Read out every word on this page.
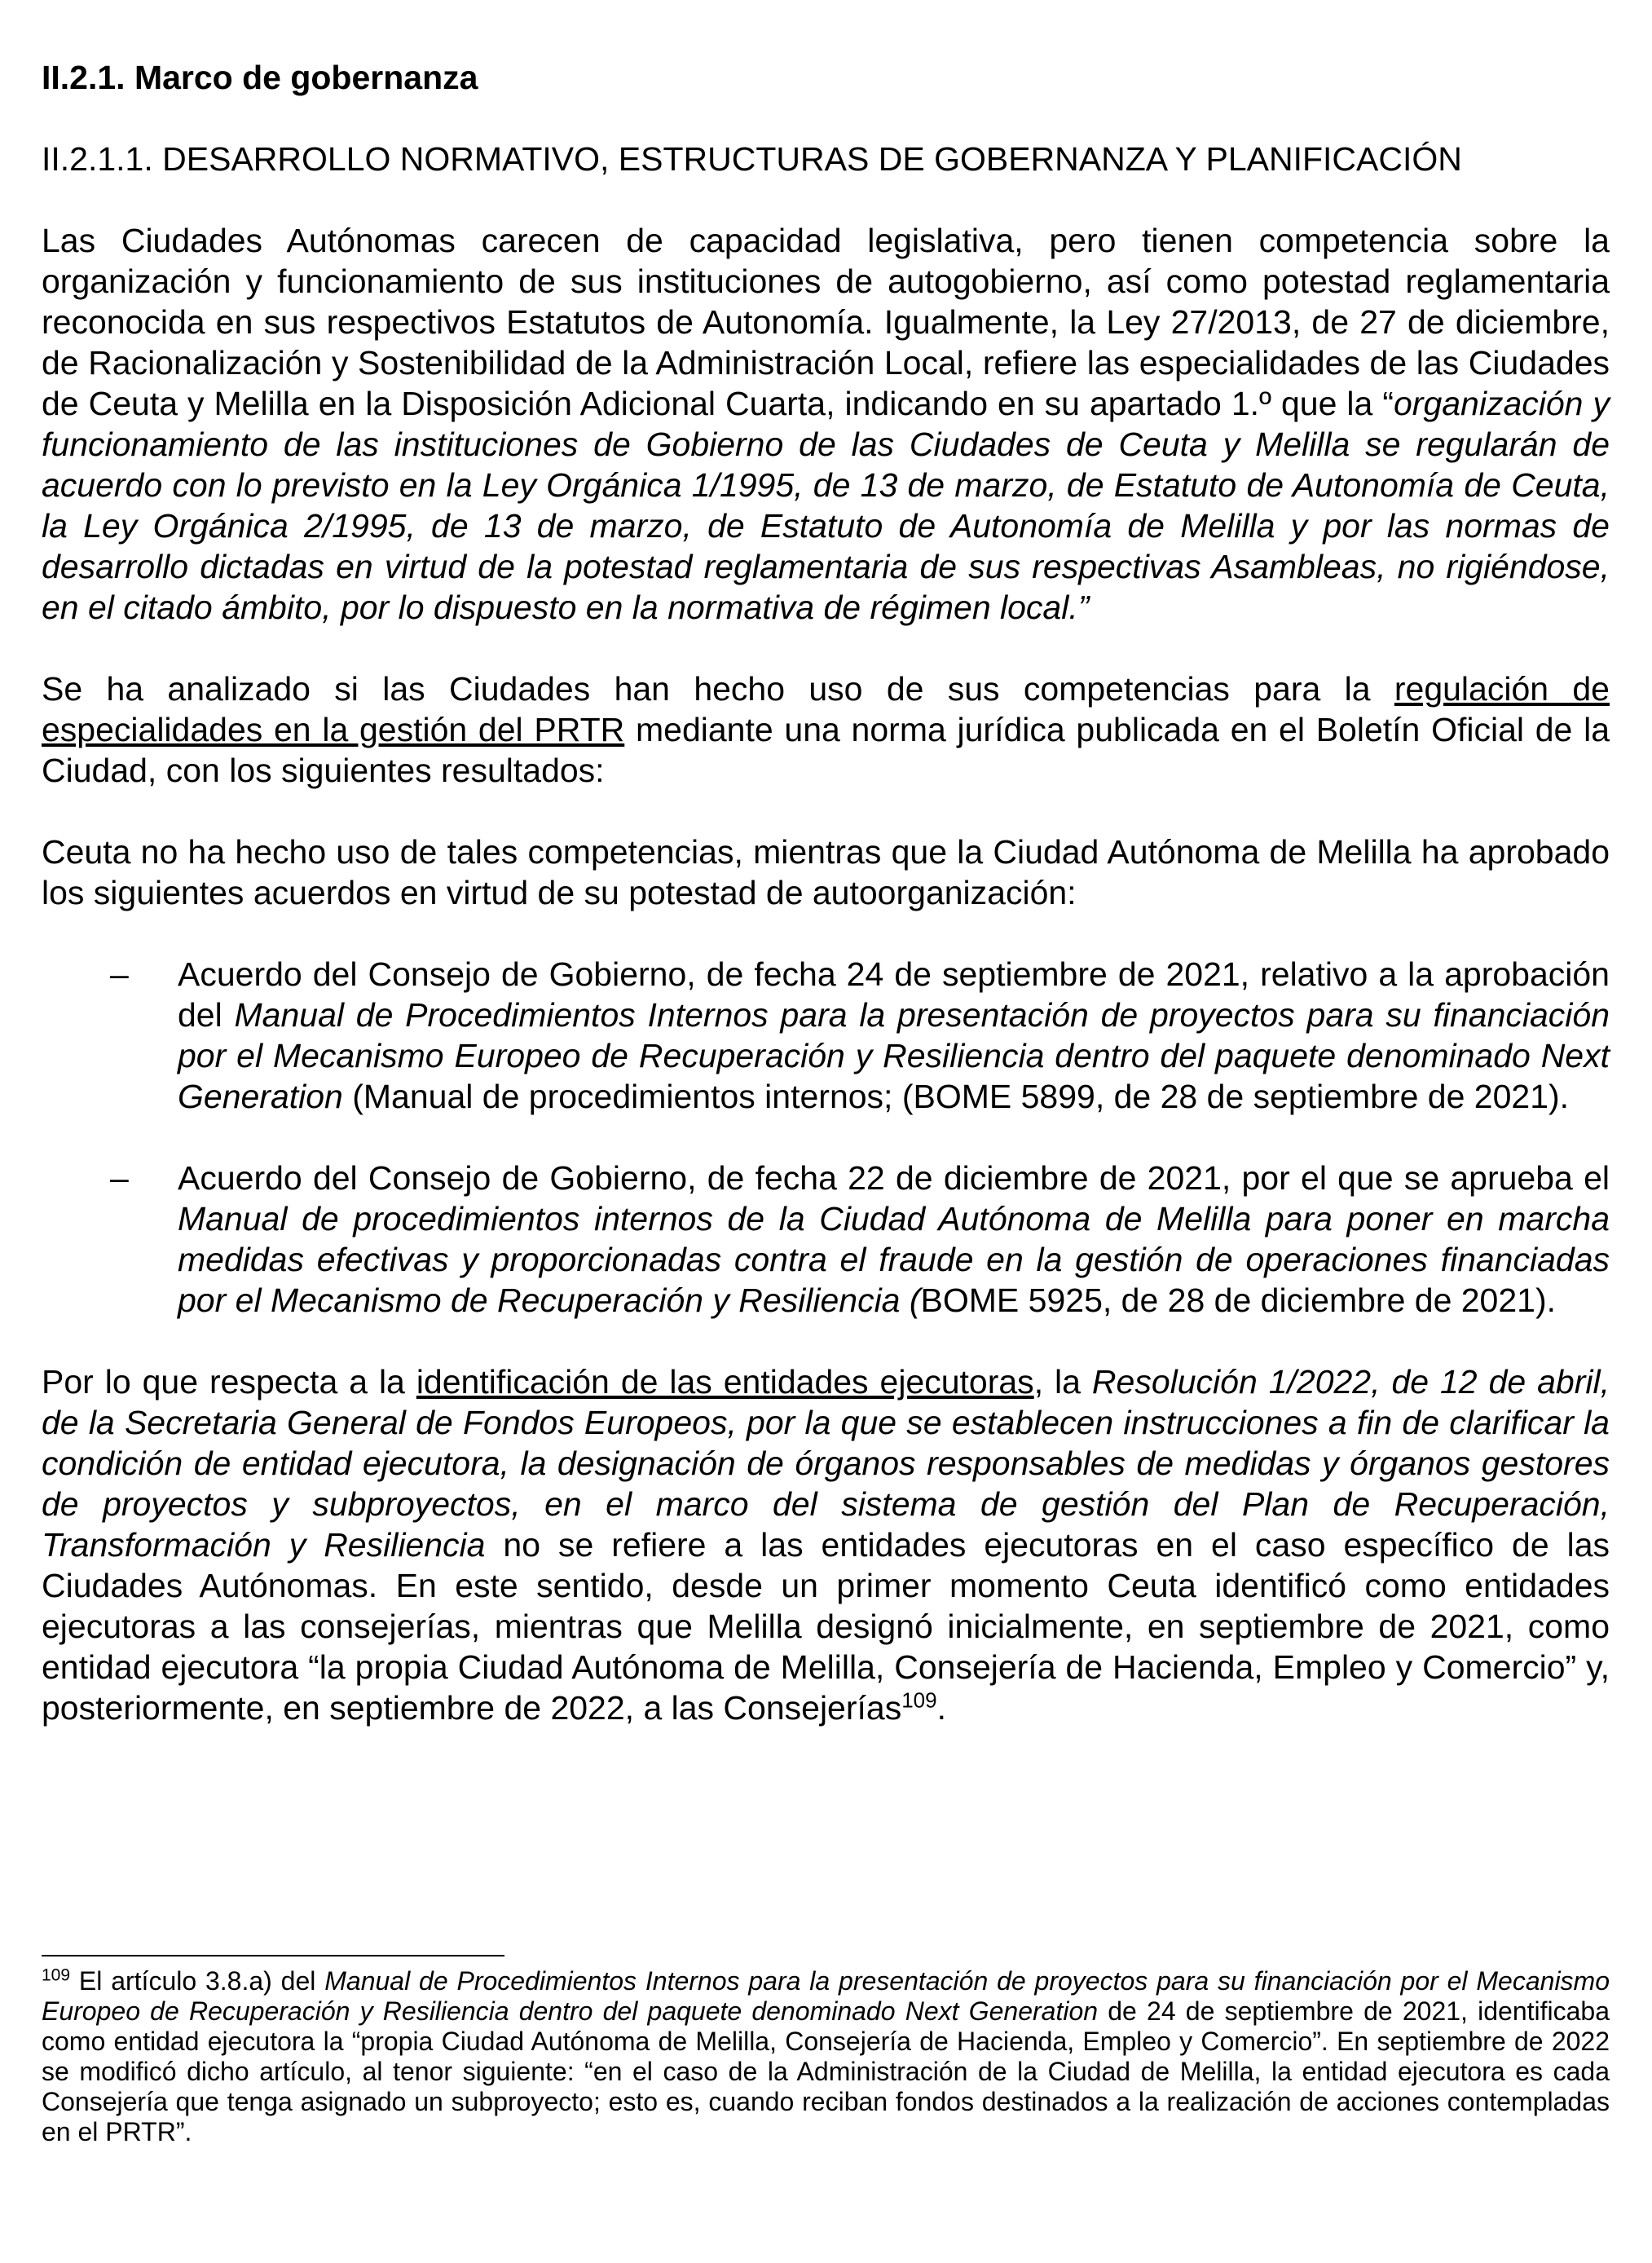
II.2.1. Marco de gobernanza
II.2.1.1. DESARROLLO NORMATIVO, ESTRUCTURAS DE GOBERNANZA Y PLANIFICACIÓN

Las Ciudades Autónomas carecen de capacidad legislativa, pero tienen competencia sobre la organización y funcionamiento de sus instituciones de autogobierno, así como potestad reglamentaria reconocida en sus respectivos Estatutos de Autonomía. Igualmente, la Ley 27/2013, de 27 de diciembre, de Racionalización y Sostenibilidad de la Administración Local, refiere las especialidades de las Ciudades de Ceuta y Melilla en la Disposición Adicional Cuarta, indicando en su apartado 1.º que la “organización y funcionamiento de las instituciones de Gobierno de las Ciudades de Ceuta y Melilla se regularán de acuerdo con lo previsto en la Ley Orgánica 1/1995, de 13 de marzo, de Estatuto de Autonomía de Ceuta, la Ley Orgánica 2/1995, de 13 de marzo, de Estatuto de Autonomía de Melilla y por las normas de desarrollo dictadas en virtud de la potestad reglamentaria de sus respectivas Asambleas, no rigiéndose, en el citado ámbito, por lo dispuesto en la normativa de régimen local.”

Se ha analizado si las Ciudades han hecho uso de sus competencias para la regulación de especialidades en la gestión del PRTR mediante una norma jurídica publicada en el Boletín Oficial de la Ciudad, con los siguientes resultados:

Ceuta no ha hecho uso de tales competencias, mientras que la Ciudad Autónoma de Melilla ha aprobado los siguientes acuerdos en virtud de su potestad de autoorganización:

– Acuerdo del Consejo de Gobierno, de fecha 24 de septiembre de 2021, relativo a la aprobación del Manual de Procedimientos Internos para la presentación de proyectos para su financiación por el Mecanismo Europeo de Recuperación y Resiliencia dentro del paquete denominado Next Generation (Manual de procedimientos internos; (BOME 5899, de 28 de septiembre de 2021).
– Acuerdo del Consejo de Gobierno, de fecha 22 de diciembre de 2021, por el que se aprueba el Manual de procedimientos internos de la Ciudad Autónoma de Melilla para poner en marcha medidas efectivas y proporcionadas contra el fraude en la gestión de operaciones financiadas por el Mecanismo de Recuperación y Resiliencia (BOME 5925, de 28 de diciembre de 2021).

Por lo que respecta a la identificación de las entidades ejecutoras, la Resolución 1/2022, de 12 de abril, de la Secretaria General de Fondos Europeos, por la que se establecen instrucciones a fin de clarificar la condición de entidad ejecutora, la designación de órganos responsables de medidas y órganos gestores de proyectos y subproyectos, en el marco del sistema de gestión del Plan de Recuperación, Transformación y Resiliencia no se refiere a las entidades ejecutoras en el caso específico de las Ciudades Autónomas. En este sentido, desde un primer momento Ceuta identificó como entidades ejecutoras a las consejerías, mientras que Melilla designó inicialmente, en septiembre de 2021, como entidad ejecutora “la propia Ciudad Autónoma de Melilla, Consejería de Hacienda, Empleo y Comercio” y, posteriormente, en septiembre de 2022, a las Consejerías$^{109}$.

$^{109}$ El artículo 3.8.a) del Manual de Procedimientos Internos para la presentación de proyectos para su financiación por el Mecanismo Europeo de Recuperación y Resiliencia dentro del paquete denominado Next Generation de 24 de septiembre de 2021, identificaba como entidad ejecutora la “propia Ciudad Autónoma de Melilla, Consejería de Hacienda, Empleo y Comercio”. En septiembre de 2022 se modificó dicho artículo, al tenor siguiente: “en el caso de la Administración de la Ciudad de Melilla, la entidad ejecutora es cada Consejería que tenga asignado un subproyecto; esto es, cuando reciban fondos destinados a la realización de acciones contempladas en el PRTR”.
